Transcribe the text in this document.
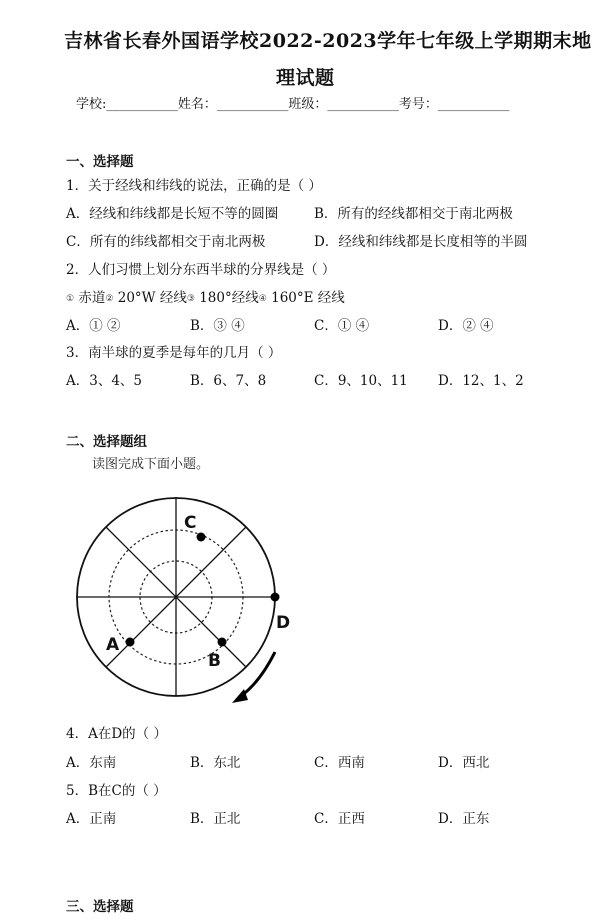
吉林省长春外国语学校2022-2023学年七年级上学期期末地
理试题
学校:___________姓名：___________班级：___________考号：___________
一、选择题
1．关于经线和纬线的说法，正确的是（ ）
A．经线和纬线都是长短不等的圆圈	B．所有的经线都相交于南北两极
C．所有的纬线都相交于南北两极	D．经线和纬线都是长度相等的半圆
2．人们习惯上划分东西半球的分界线是（ ）
① 赤道② 20°W 经线③ 180°经线④ 160°E 经线
A．① ②	B．③ ④	C．① ④	D．② ④
3．南半球的夏季是每年的几月（ ）
A．3、4、5	B．6、7、8	C．9、10、11 D．12、1、2
二、选择题组
读图完成下面小题。
C
D
A
B
4．A在D的（ ）
A．东南	B．东北	C．西南	D．西北
5．B在C的（ ）
A．正南	B．正北	C．正西	D．正东
三、选择题
